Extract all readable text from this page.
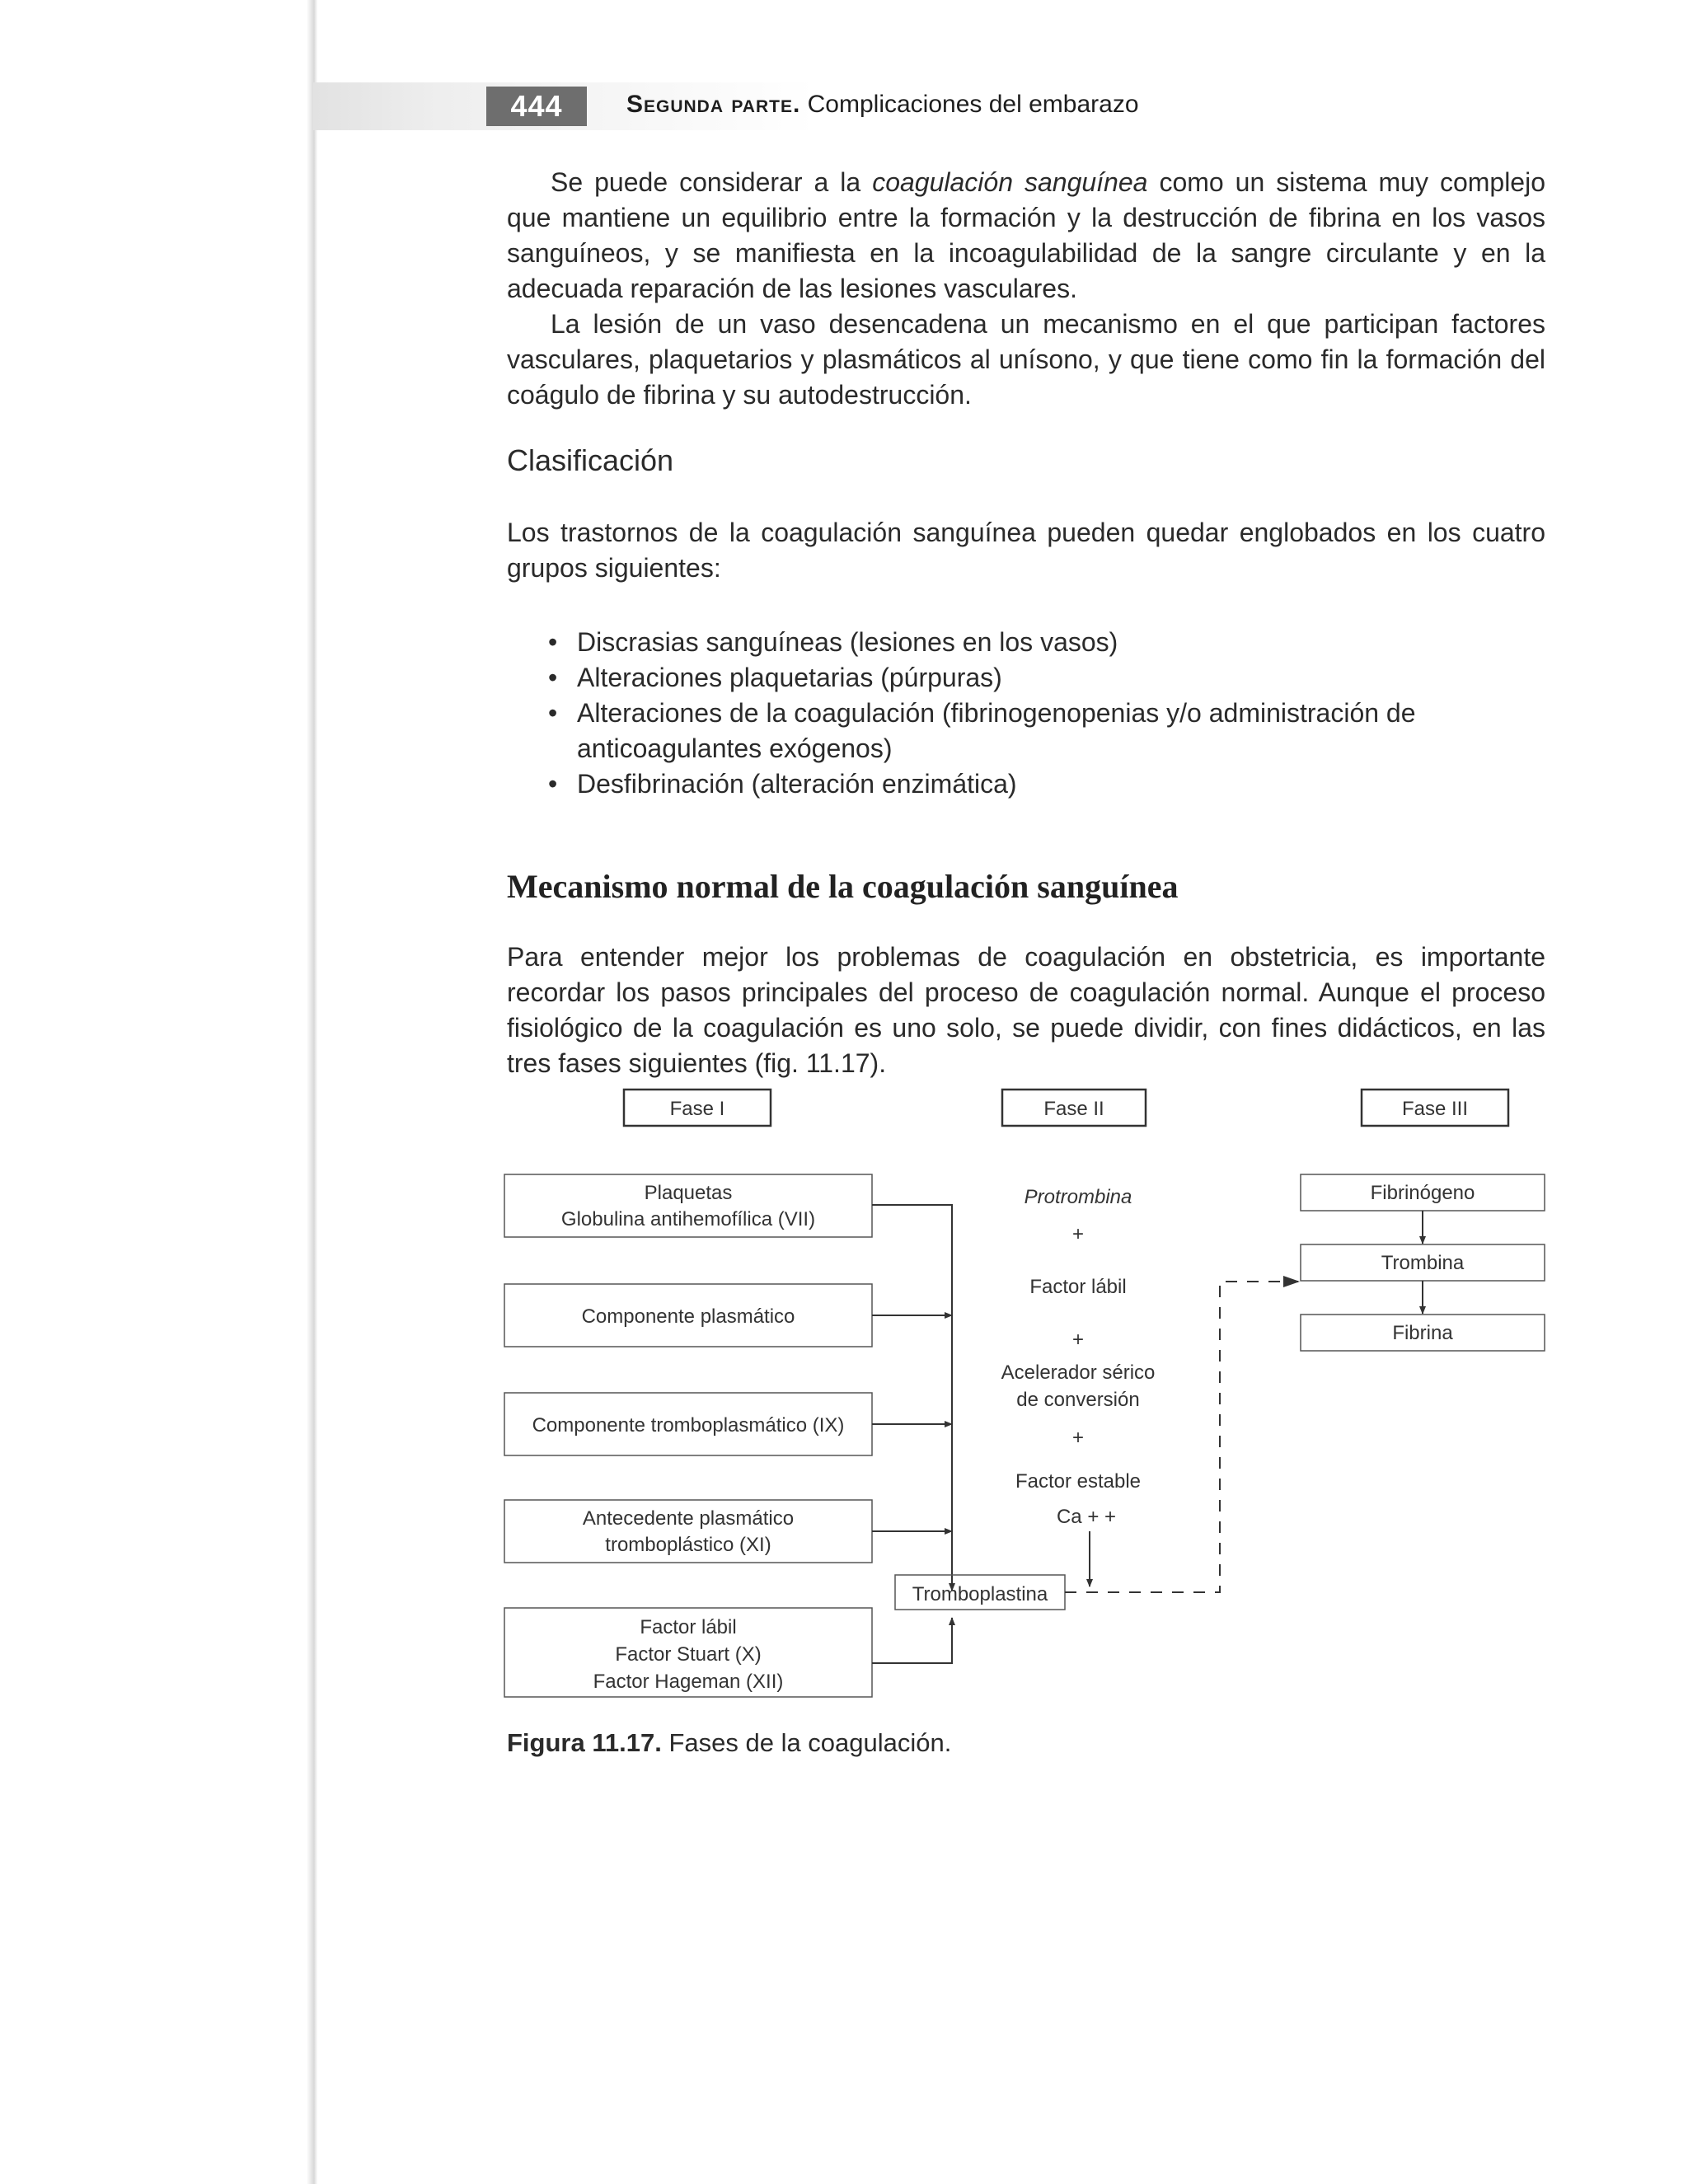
444	Segunda parte. Complicaciones del embarazo
Se puede considerar a la coagulación sanguínea como un sistema muy complejo que mantiene un equilibrio entre la formación y la destrucción de fibrina en los vasos sanguíneos, y se manifiesta en la incoagulabilidad de la sangre circulante y en la adecuada reparación de las lesiones vasculares.
La lesión de un vaso desencadena un mecanismo en el que participan factores vasculares, plaquetarios y plasmáticos al unísono, y que tiene como fin la formación del coágulo de fibrina y su autodestrucción.
Clasificación
Los trastornos de la coagulación sanguínea pueden quedar englobados en los cuatro grupos siguientes:
• Discrasias sanguíneas (lesiones en los vasos)
• Alteraciones plaquetarias (púrpuras)
• Alteraciones de la coagulación (fibrinogenopenias y/o administración de anticoagulantes exógenos)
• Desfibrinación (alteración enzimática)
Mecanismo normal de la coagulación sanguínea
Para entender mejor los problemas de coagulación en obstetricia, es importante recordar los pasos principales del proceso de coagulación normal. Aunque el proceso fisiológico de la coagulación es uno solo, se puede dividir, con fines didácticos, en las tres fases siguientes (fig. 11.17).
Fase I	Fase II	Fase III
Plaquetas
Globulina antihemofílica (VII)
Componente plasmático
Componente tromboplasmático (IX)
Antecedente plasmático
tromboplástico (XI)
Factor lábil
Factor Stuart (X)
Factor Hageman (XII)
Tromboplastina
Protrombina
+
Factor lábil
+
Acelerador sérico
de conversión
+
Factor estable
Ca + +
Fibrinógeno
Trombina
Fibrina
Figura 11.17. Fases de la coagulación.
